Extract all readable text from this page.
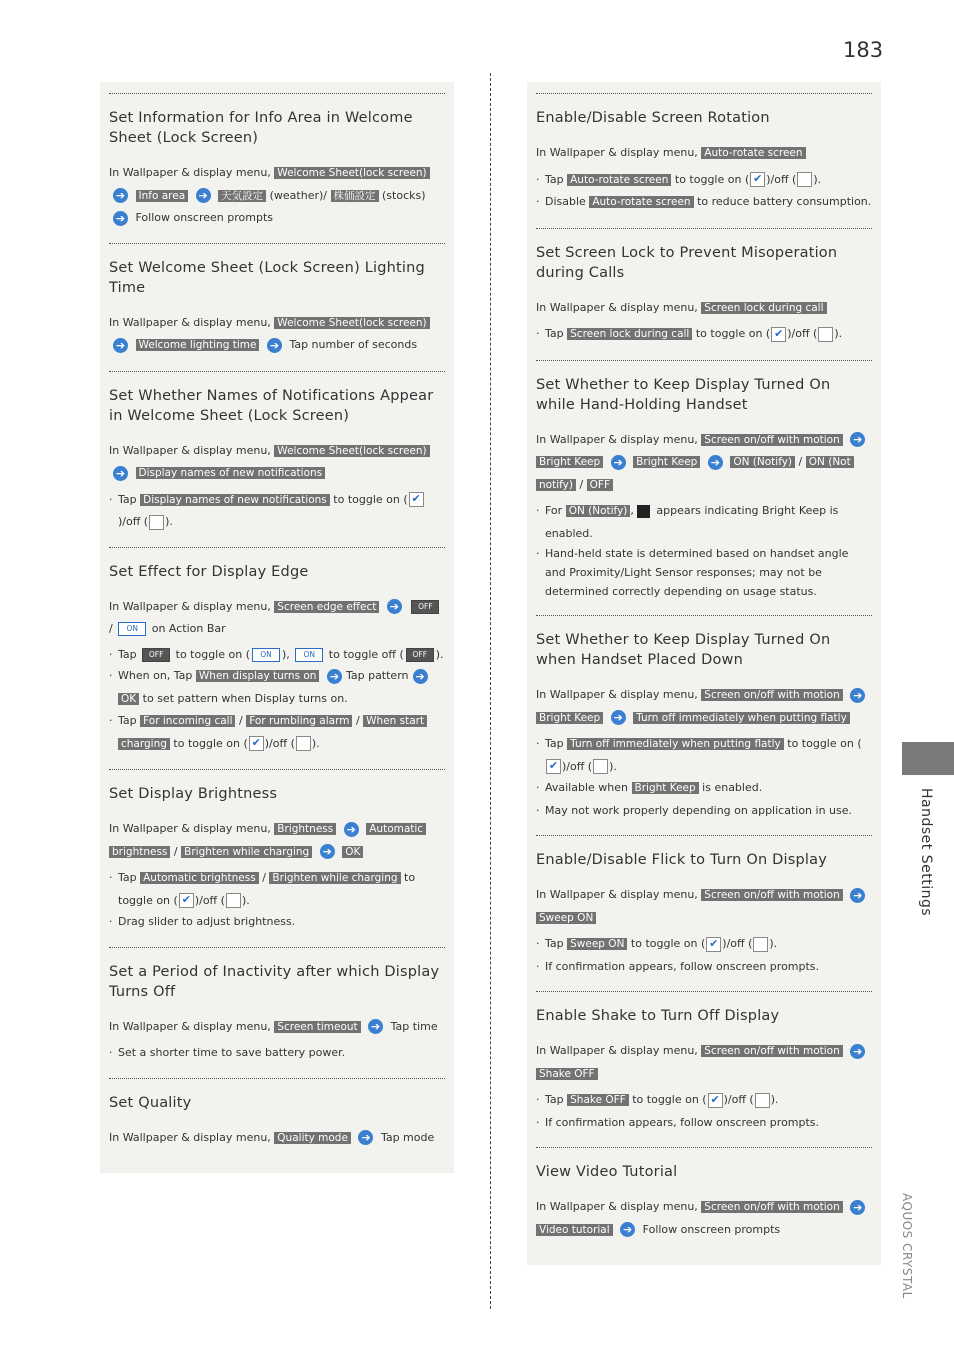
183
Set Information for Info Area in Welcome Sheet (Lock Screen)
In Wallpaper & display menu, Welcome Sheet(lock screen) ➔ Info area ➔ 天気設定 (weather)/ 株価設定 (stocks) ➔ Follow onscreen prompts
Set Welcome Sheet (Lock Screen) Lighting Time
In Wallpaper & display menu, Welcome Sheet(lock screen) ➔ Welcome lighting time ➔ Tap number of seconds
Set Whether Names of Notifications Appear in Welcome Sheet (Lock Screen)
In Wallpaper & display menu, Welcome Sheet(lock screen) ➔ Display names of new notifications
· Tap Display names of new notifications to toggle on ( ✔)/off ( ).
Set Effect for Display Edge
In Wallpaper & display menu, Screen edge effect ➔	OFF / ON on Action Bar
· Tap OFF to toggle on ( ON ), ON to toggle off ( OFF ).
· When on, Tap When display turns on ➔ Tap pattern ➔ OK to set pattern when Display turns on.
· Tap For incoming call / For rumbling alarm / When start charging to toggle on ( ✔ )/off ( ).
Set Display Brightness
In Wallpaper & display menu, Brightness ➔ Automatic brightness / Brighten while charging ➔ OK
· Tap Automatic brightness / Brighten while charging to toggle on ( ✔ )/off ( ).
· Drag slider to adjust brightness.
Set a Period of Inactivity after which Display Turns Off
In Wallpaper & display menu, Screen timeout ➔ Tap time
· Set a shorter time to save battery power.
Set Quality
In Wallpaper & display menu, Quality mode ➔ Tap mode
Enable/Disable Screen Rotation
In Wallpaper & display menu, Auto-rotate screen
· Tap Auto-rotate screen to toggle on ( ✔ )/off ( ).
· Disable Auto-rotate screen to reduce battery consumption.
Set Screen Lock to Prevent Misoperation during Calls
In Wallpaper & display menu, Screen lock during call
· Tap Screen lock during call to toggle on ( ✔ )/off ( ).
Set Whether to Keep Display Turned On while Hand-Holding Handset
In Wallpaper & display menu, Screen on/off with motion ➔ Bright Keep ➔ Bright Keep ➔ ON (Notify) / ON (Not notify) / OFF
· For ON (Notify) , appears indicating Bright Keep is enabled.
· Hand-held state is determined based on handset angle and Proximity/Light Sensor responses; may not be determined correctly depending on usage status.
Set Whether to Keep Display Turned On when Handset Placed Down
In Wallpaper & display menu, Screen on/off with motion ➔ Bright Keep ➔ Turn off immediately when putting flatly
· Tap Turn off immediately when putting flatly to toggle on (✔ )/off ( ).
· Available when Bright Keep is enabled.
· May not work properly depending on application in use.
Enable/Disable Flick to Turn On Display
In Wallpaper & display menu, Screen on/off with motion ➔ Sweep ON
· Tap Sweep ON to toggle on ( ✔ )/off ( ).
· If confirmation appears, follow onscreen prompts.
Enable Shake to Turn Off Display
In Wallpaper & display menu, Screen on/off with motion ➔ Shake OFF
· Tap Shake OFF to toggle on ( ✔ )/off ( ).
· If confirmation appears, follow onscreen prompts.
View Video Tutorial
In Wallpaper & display menu, Screen on/off with motion ➔ Video tutorial ➔ Follow onscreen prompts
Handset Settings
AQUOS CRYSTAL
